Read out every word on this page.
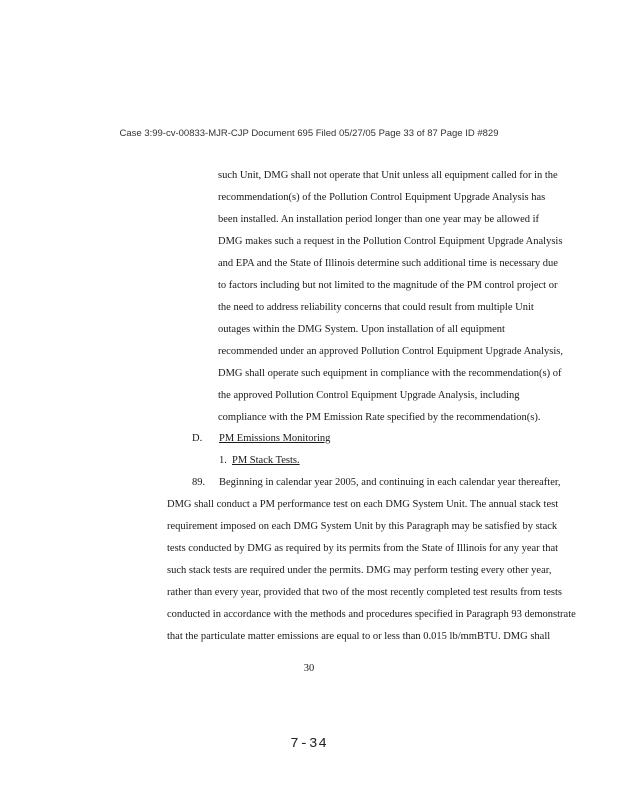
Case 3:99-cv-00833-MJR-CJP Document 695 Filed 05/27/05 Page 33 of 87 Page ID #829
such Unit, DMG shall not operate that Unit unless all equipment called for in the
recommendation(s) of the Pollution Control Equipment Upgrade Analysis has
been installed. An installation period longer than one year may be allowed if
DMG makes such a request in the Pollution Control Equipment Upgrade Analysis
and EPA and the State of Illinois determine such additional time is necessary due
to factors including but not limited to the magnitude of the PM control project or
the need to address reliability concerns that could result from multiple Unit
outages within the DMG System. Upon installation of all equipment
recommended under an approved Pollution Control Equipment Upgrade Analysis,
DMG shall operate such equipment in compliance with the recommendation(s) of
the approved Pollution Control Equipment Upgrade Analysis, including
compliance with the PM Emission Rate specified by the recommendation(s).
D. PM Emissions Monitoring
1. PM Stack Tests.
89. Beginning in calendar year 2005, and continuing in each calendar year thereafter,
DMG shall conduct a PM performance test on each DMG System Unit. The annual stack test
requirement imposed on each DMG System Unit by this Paragraph may be satisfied by stack
tests conducted by DMG as required by its permits from the State of Illinois for any year that
such stack tests are required under the permits. DMG may perform testing every other year,
rather than every year, provided that two of the most recently completed test results from tests
conducted in accordance with the methods and procedures specified in Paragraph 93 demonstrate
that the particulate matter emissions are equal to or less than 0.015 lb/mmBTU. DMG shall
30
7-34
